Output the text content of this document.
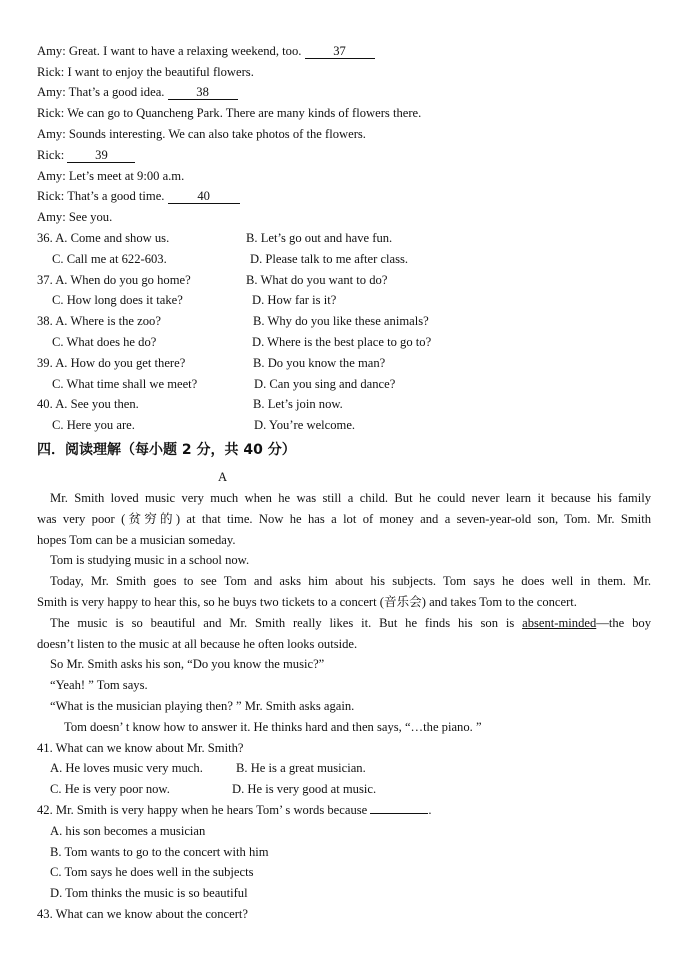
Amy: Great. I want to have a relaxing weekend, too.	37
Rick: I want to enjoy the beautiful flowers.
Amy: That’s a good idea.	38
Rick: We can go to Quancheng Park. There are many kinds of flowers there.
Amy: Sounds interesting. We can also take photos of the flowers.
Rick: 39
Amy: Let’s meet at 9:00 a.m.
Rick: That’s a good time.	40
Amy: See you.
36. A. Come and show us.	B. Let’s go out and have fun.
C. Call me at 622-603.	D. Please talk to me after class.
37. A. When do you go home?	B. What do you want to do?
C. How long does it take?	D. How far is it?
38. A. Where is the zoo?	B. Why do you like these animals?
C. What does he do?	D. Where is the best place to go to?
39. A. How do you get there?	B. Do you know the man?
C. What time shall we meet?	D. Can you sing and dance?
40. A. See you then.	B. Let’s join now.
C. Here you are.	D. You’re welcome.
四．阅读理解（每小题 2 分，共 40 分）
A
Mr. Smith loved music very much when he was still a child. But he could never learn it because his family
was very poor (贫穷的) at that time. Now he has a lot of money and a seven-year-old son, Tom. Mr. Smith
hopes Tom can be a musician someday.
Tom is studying music in a school now.
Today, Mr. Smith goes to see Tom and asks him about his subjects. Tom says he does well in them. Mr.
Smith is very happy to hear this, so he buys two tickets to a concert (音乐会) and takes Tom to the concert.
The music is so beautiful and Mr. Smith really likes it. But he finds his son is absent-minded—the boy
doesn’t listen to the music at all because he often looks outside.
So Mr. Smith asks his son, “Do you know the music?”
“Yeah! ” Tom says.
“What is the musician playing then? ” Mr. Smith asks again.
Tom doesn’ t know how to answer it. He thinks hard and then says, “…the piano. ”
41. What can we know about Mr. Smith?
A. He loves music very much.	B. He is a great musician.
C. He is very poor now.	D. He is very good at music.
42. Mr. Smith is very happy when he hears Tom’ s words because	.
A. his son becomes a musician
B. Tom wants to go to the concert with him
C. Tom says he does well in the subjects
D. Tom thinks the music is so beautiful
43. What can we know about the concert?
